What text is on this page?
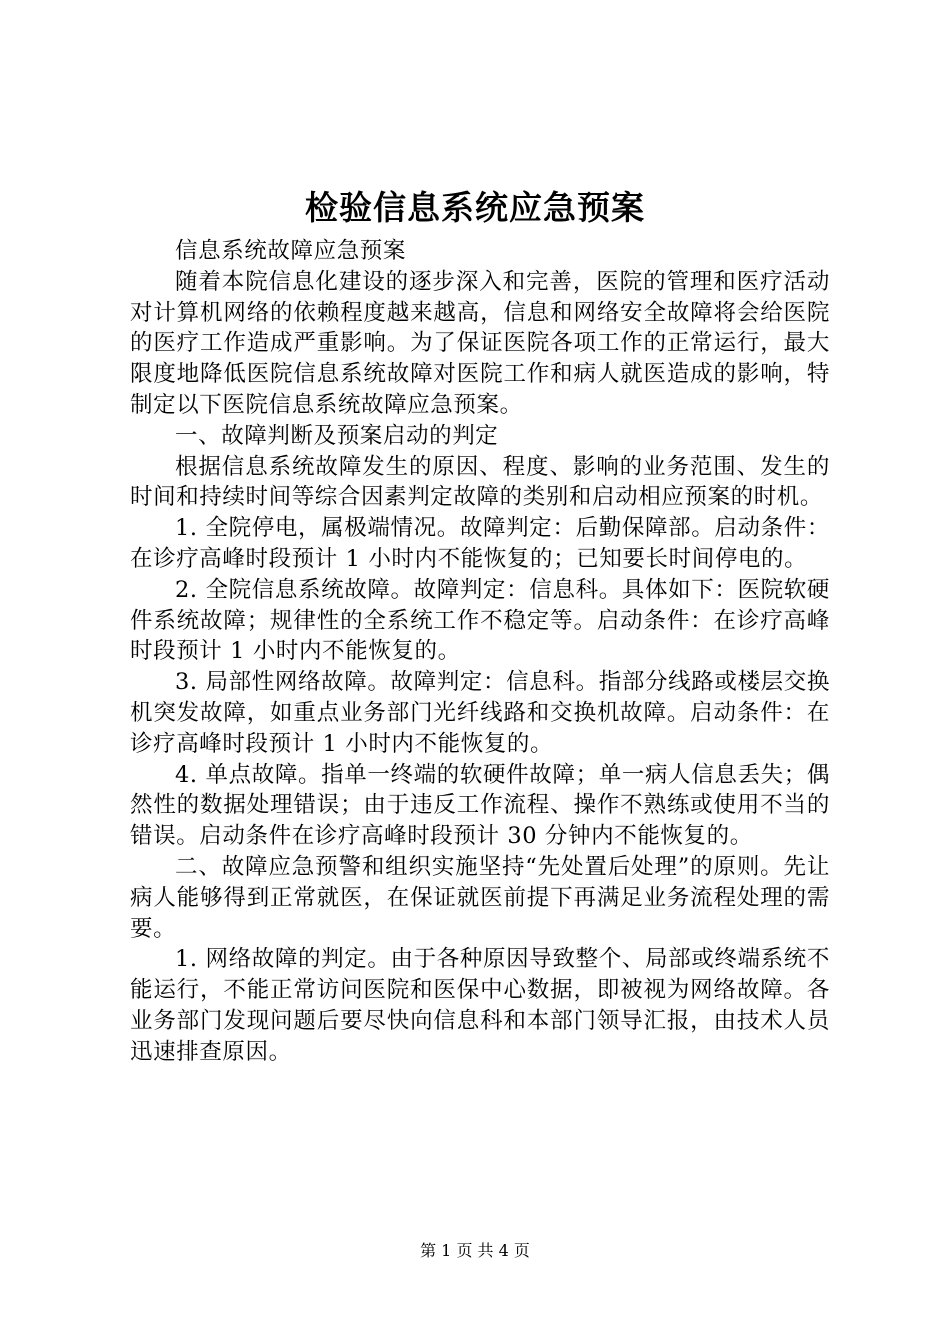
检验信息系统应急预案

信息系统故障应急预案

随着本院信息化建设的逐步深入和完善，医院的管理和医疗活动对计算机网络的依赖程度越来越高，信息和网络安全故障将会给医院的医疗工作造成严重影响。为了保证医院各项工作的正常运行，最大限度地降低医院信息系统故障对医院工作和病人就医造成的影响，特制定以下医院信息系统故障应急预案。

一、故障判断及预案启动的判定

根据信息系统故障发生的原因、程度、影响的业务范围、发生的时间和持续时间等综合因素判定故障的类别和启动相应预案的时机。

1. 全院停电，属极端情况。故障判定：后勤保障部。启动条件：在诊疗高峰时段预计 1 小时内不能恢复的；已知要长时间停电的。

2. 全院信息系统故障。故障判定：信息科。具体如下：医院软硬件系统故障；规律性的全系统工作不稳定等。启动条件：在诊疗高峰时段预计 1 小时内不能恢复的。

3. 局部性网络故障。故障判定：信息科。指部分线路或楼层交换机突发故障，如重点业务部门光纤线路和交换机故障。启动条件：在诊疗高峰时段预计 1 小时内不能恢复的。

4. 单点故障。指单一终端的软硬件故障；单一病人信息丢失；偶然性的数据处理错误；由于违反工作流程、操作不熟练或使用不当的错误。启动条件在诊疗高峰时段预计 30 分钟内不能恢复的。

二、故障应急预警和组织实施坚持“先处置后处理”的原则。先让病人能够得到正常就医，在保证就医前提下再满足业务流程处理的需要。

1. 网络故障的判定。由于各种原因导致整个、局部或终端系统不能运行，不能正常访问医院和医保中心数据，即被视为网络故障。各业务部门发现问题后要尽快向信息科和本部门领导汇报，由技术人员迅速排查原因。

第 1 页 共 4 页
